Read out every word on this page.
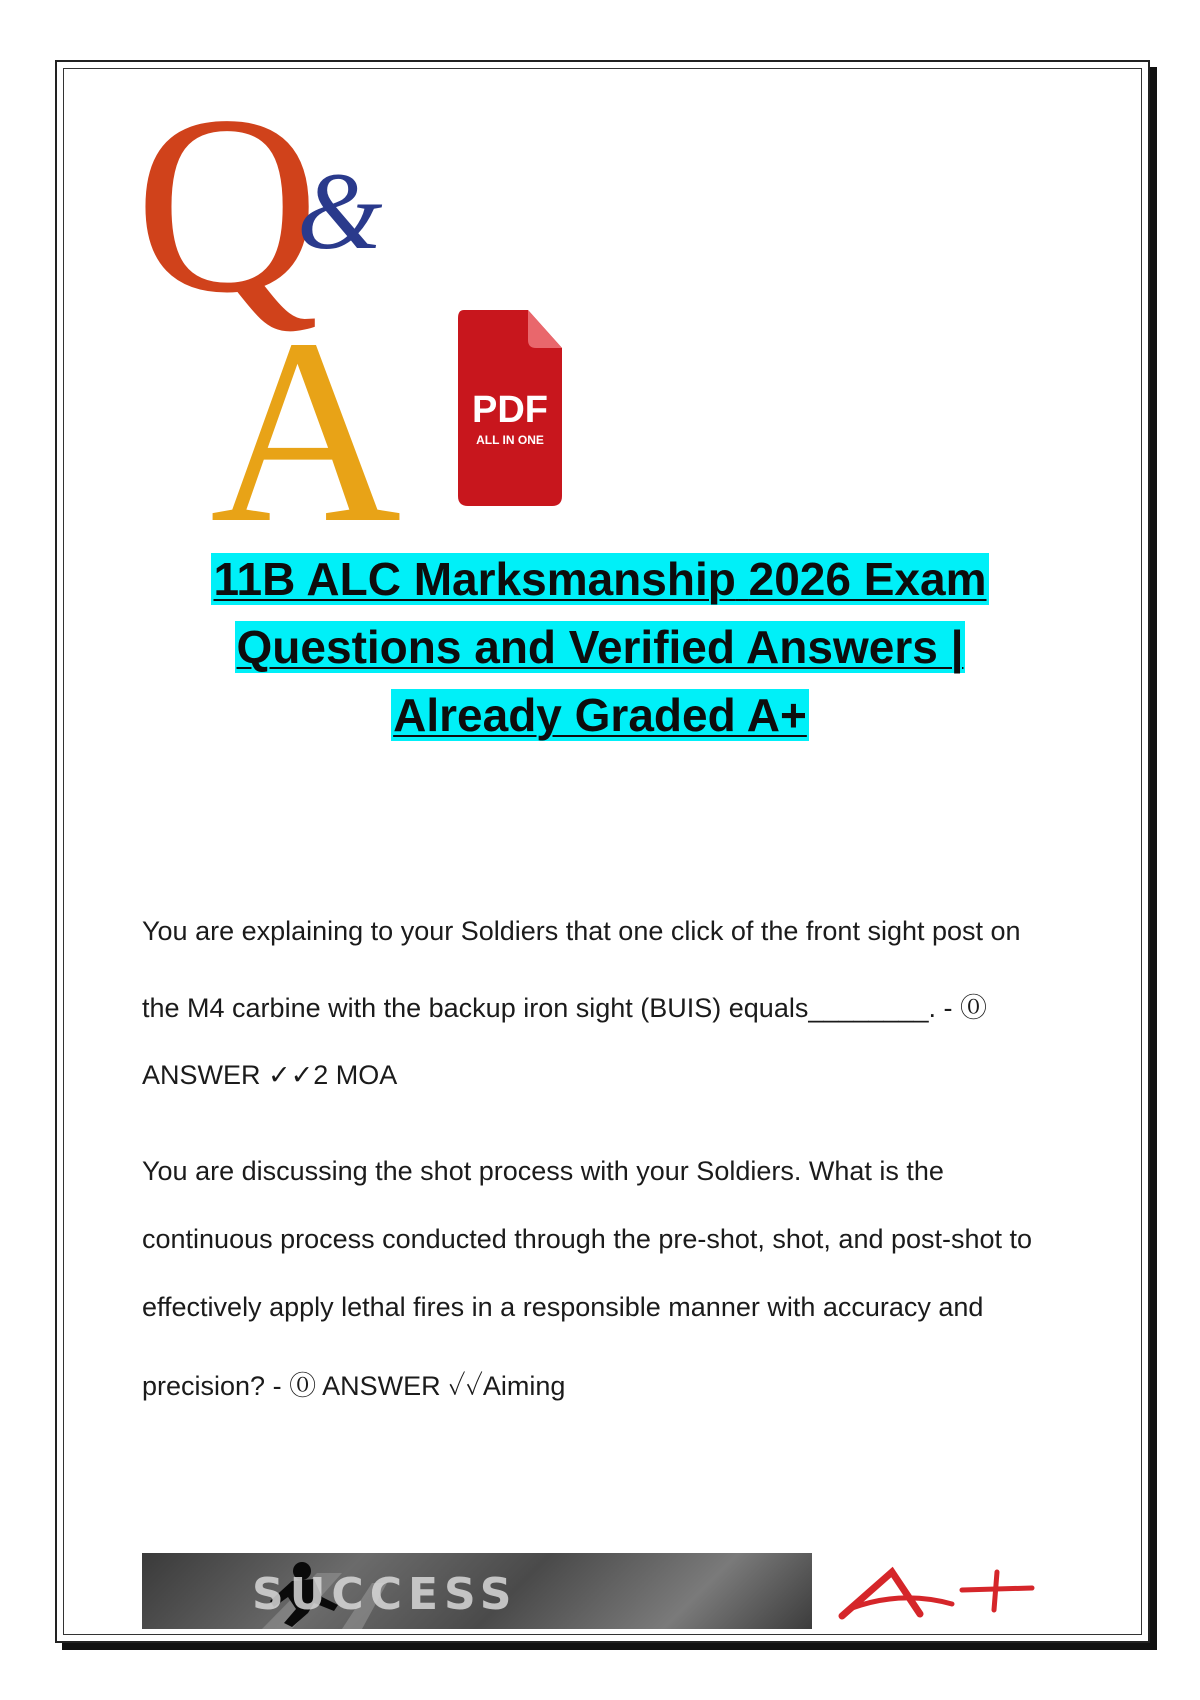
Q
&
A PDF
ALL IN ONE
11B ALC Marksmanship 2026 Exam
Questions and Verified Answers |
Already Graded A+
You are explaining to your Soldiers that one click of the front sight post on
the M4 carbine with the backup iron sight (BUIS) equals________. - ⓪
ANSWER ✓✓2 MOA
You are discussing the shot process with your Soldiers. What is the
continuous process conducted through the pre-shot, shot, and post-shot to
effectively apply lethal fires in a responsible manner with accuracy and
precision? - ⓪ ANSWER ✓✓Aiming
SUCCESS
A+
